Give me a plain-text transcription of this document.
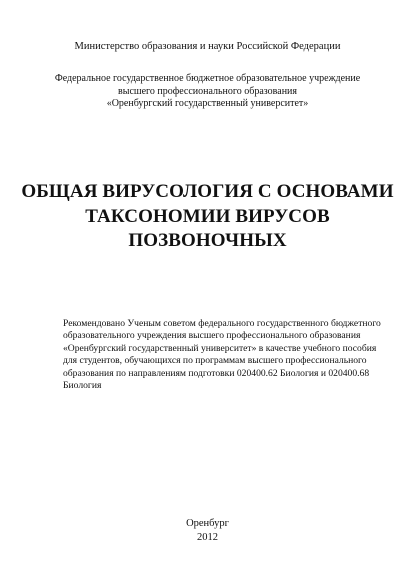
Министерство образования и науки Российской Федерации
Федеральное государственное бюджетное образовательное учреждение
высшего профессионального образования
«Оренбургский государственный университет»
ОБЩАЯ ВИРУСОЛОГИЯ С ОСНОВАМИ
ТАКСОНОМИИ ВИРУСОВ
ПОЗВОНОЧНЫХ
Рекомендовано Ученым советом федерального государственного бюджетного
образовательного учреждения высшего профессионального образования
«Оренбургский государственный университет» в качестве учебного пособия
для студентов, обучающихся по программам высшего профессионального
образования по направлениям подготовки 020400.62 Биология и 020400.68
Биология
Оренбург
2012
